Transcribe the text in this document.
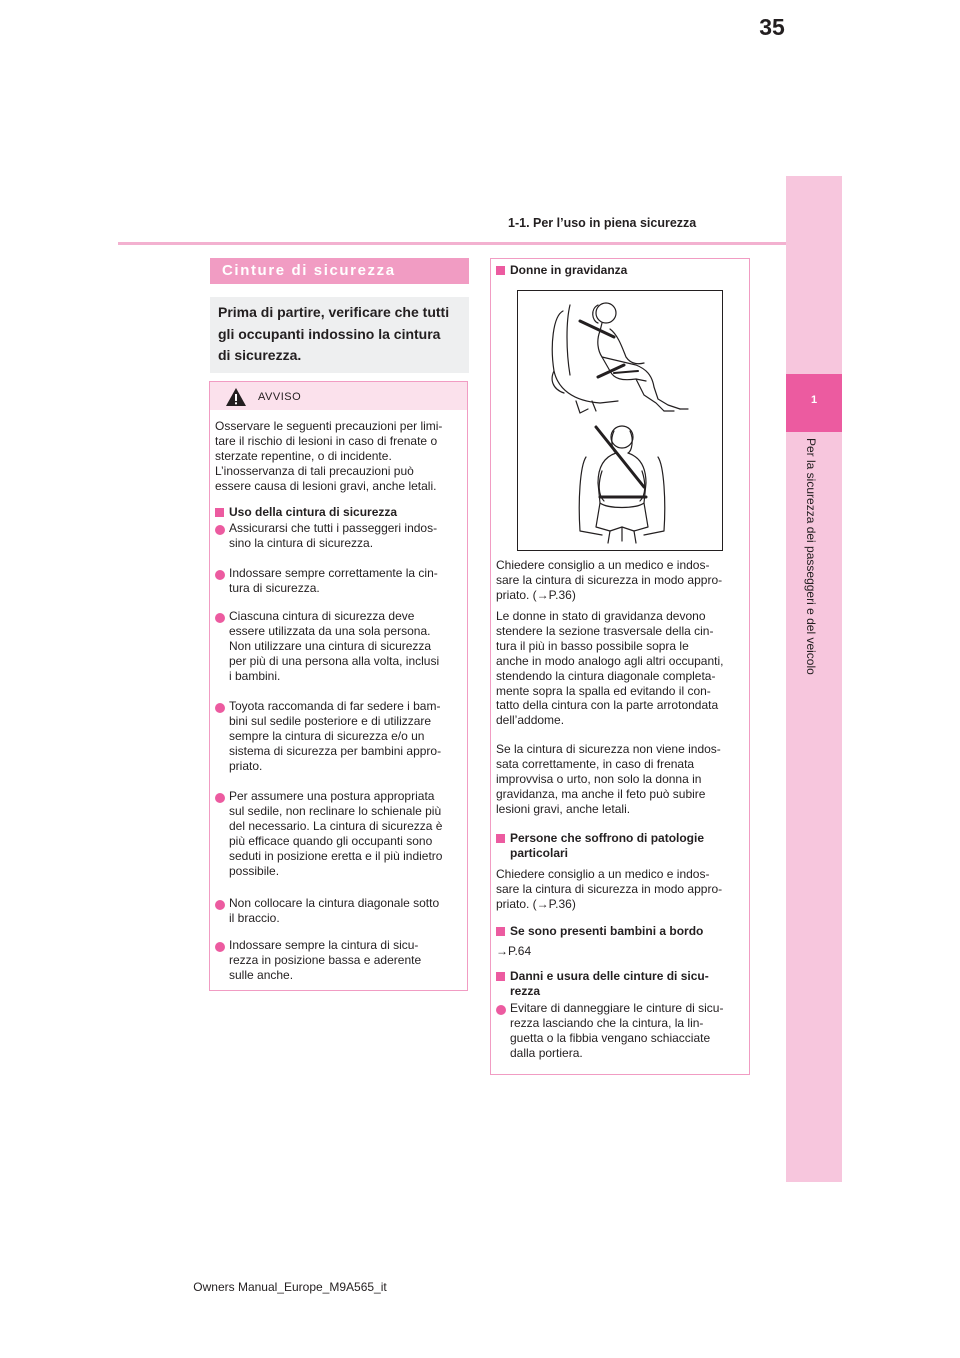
35
1-1. Per l’uso in piena sicurezza
1
Per la sicurezza dei passeggeri e del veicolo
Cinture di sicurezza
Prima di partire, verificare che tutti
gli occupanti indossino la cintura
di sicurezza.
AVVISO
Osservare le seguenti precauzioni per limi-
tare il rischio di lesioni in caso di frenate o
sterzate repentine, o di incidente.
L’inosservanza di tali precauzioni può
essere causa di lesioni gravi, anche letali.
Uso della cintura di sicurezza
Assicurarsi che tutti i passeggeri indos-
sino la cintura di sicurezza.
Indossare sempre correttamente la cin-
tura di sicurezza.
Ciascuna cintura di sicurezza deve
essere utilizzata da una sola persona.
Non utilizzare una cintura di sicurezza
per più di una persona alla volta, inclusi
i bambini.
Toyota raccomanda di far sedere i bam-
bini sul sedile posteriore e di utilizzare
sempre la cintura di sicurezza e/o un
sistema di sicurezza per bambini appro-
priato.
Per assumere una postura appropriata
sul sedile, non reclinare lo schienale più
del necessario. La cintura di sicurezza è
più efficace quando gli occupanti sono
seduti in posizione eretta e il più indietro
possibile.
Non collocare la cintura diagonale sotto
il braccio.
Indossare sempre la cintura di sicu-
rezza in posizione bassa e aderente
sulle anche.
Donne in gravidanza
Chiedere consiglio a un medico e indos-
sare la cintura di sicurezza in modo appro-
priato. (→P.36)
Le donne in stato di gravidanza devono
stendere la sezione trasversale della cin-
tura il più in basso possibile sopra le
anche in modo analogo agli altri occupanti,
stendendo la cintura diagonale completa-
mente sopra la spalla ed evitando il con-
tatto della cintura con la parte arrotondata
dell’addome.
Se la cintura di sicurezza non viene indos-
sata correttamente, in caso di frenata
improvvisa o urto, non solo la donna in
gravidanza, ma anche il feto può subire
lesioni gravi, anche letali.
Persone che soffrono di patologie
particolari
Chiedere consiglio a un medico e indos-
sare la cintura di sicurezza in modo appro-
priato. (→P.36)
Se sono presenti bambini a bordo
→P.64
Danni e usura delle cinture di sicu-
rezza
Evitare di danneggiare le cinture di sicu-
rezza lasciando che la cintura, la lin-
guetta o la fibbia vengano schiacciate
dalla portiera.
Owners Manual_Europe_M9A565_it
